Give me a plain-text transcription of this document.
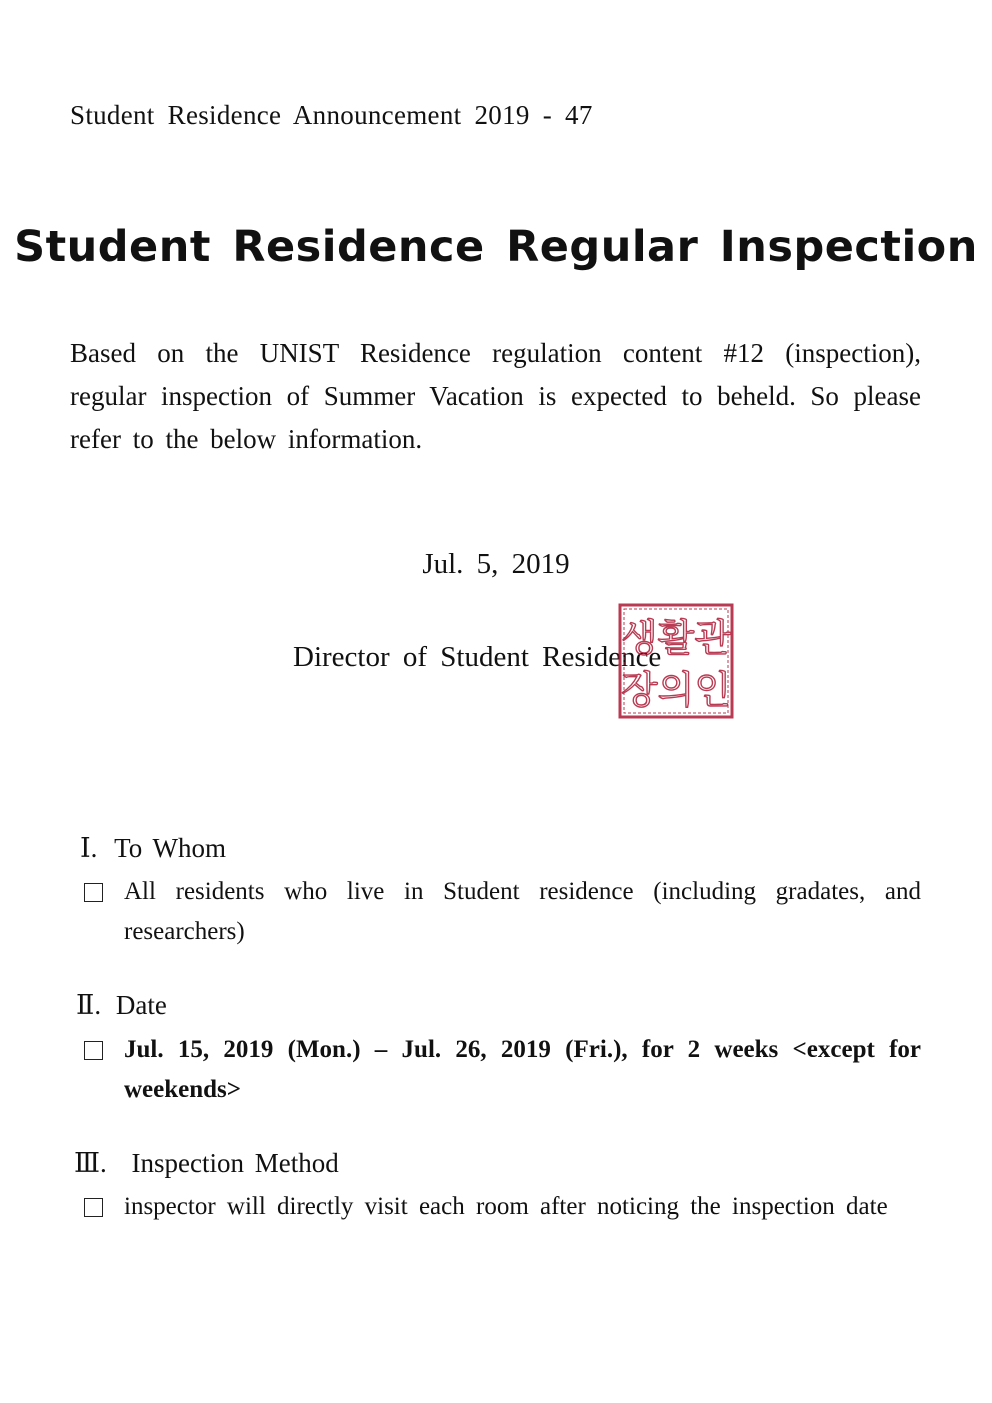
Student Residence Announcement 2019 - 47

Student Residence Regular Inspection

Based on the UNIST Residence regulation content #12 (inspection), regular inspection of Summer Vacation is expected to beheld. So please refer to the below information.

Jul. 5, 2019

Director of Student Residence

생활관
장의인

Ⅰ. To Whom

All residents who live in Student residence (including gradates, and researchers)

Ⅱ. Date

Jul. 15, 2019 (Mon.) – Jul. 26, 2019 (Fri.), for 2 weeks <except for weekends>

Ⅲ. Inspection Method

inspector will directly visit each room after noticing the inspection date
